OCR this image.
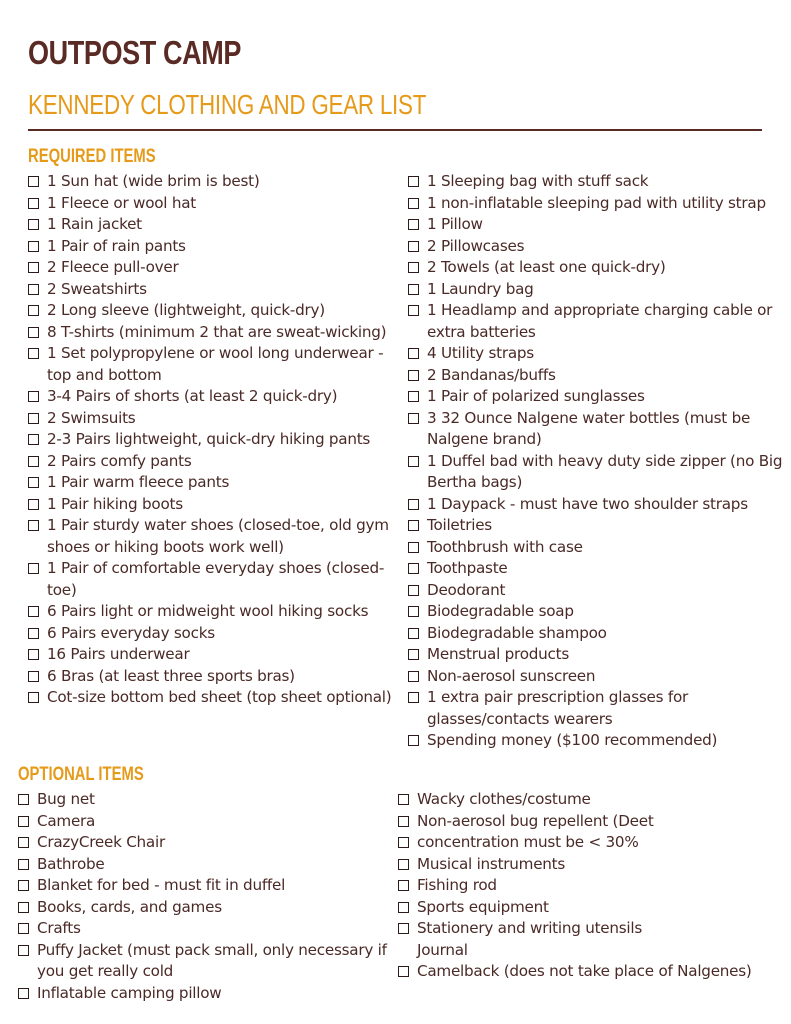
OUTPOST CAMP
KENNEDY CLOTHING AND GEAR LIST
REQUIRED ITEMS
1 Sun hat (wide brim is best)
1 Fleece or wool hat
1 Rain jacket
1 Pair of rain pants
2 Fleece pull-over
2 Sweatshirts
2 Long sleeve (lightweight, quick-dry)
8 T-shirts (minimum 2 that are sweat-wicking)
1 Set polypropylene or wool long underwear - top and bottom
3-4 Pairs of shorts (at least 2 quick-dry)
2 Swimsuits
2-3 Pairs lightweight, quick-dry hiking pants
2 Pairs comfy pants
1 Pair warm fleece pants
1 Pair hiking boots
1 Pair sturdy water shoes (closed-toe, old gym shoes or hiking boots work well)
1 Pair of comfortable everyday shoes (closed-toe)
6 Pairs light or midweight wool hiking socks
6 Pairs everyday socks
16 Pairs underwear
6 Bras (at least three sports bras)
Cot-size bottom bed sheet (top sheet optional)
1 Sleeping bag with stuff sack
1 non-inflatable sleeping pad with utility strap
1 Pillow
2 Pillowcases
2 Towels (at least one quick-dry)
1 Laundry bag
1 Headlamp and appropriate charging cable or extra batteries
4 Utility straps
2 Bandanas/buffs
1 Pair of polarized sunglasses
3 32 Ounce Nalgene water bottles (must be Nalgene brand)
1 Duffel bad with heavy duty side zipper (no Big Bertha bags)
1 Daypack - must have two shoulder straps
Toiletries
Toothbrush with case
Toothpaste
Deodorant
Biodegradable soap
Biodegradable shampoo
Menstrual products
Non-aerosol sunscreen
1 extra pair prescription glasses for glasses/contacts wearers
Spending money ($100 recommended)
OPTIONAL ITEMS
Bug net
Camera
CrazyCreek Chair
Bathrobe
Blanket for bed - must fit in duffel
Books, cards, and games
Crafts
Puffy Jacket (must pack small, only necessary if you get really cold
Inflatable camping pillow
Wacky clothes/costume
Non-aerosol bug repellent (Deet
concentration must be < 30%
Musical instruments
Fishing rod
Sports equipment
Stationery and writing utensils
Journal
Camelback (does not take place of Nalgenes)
